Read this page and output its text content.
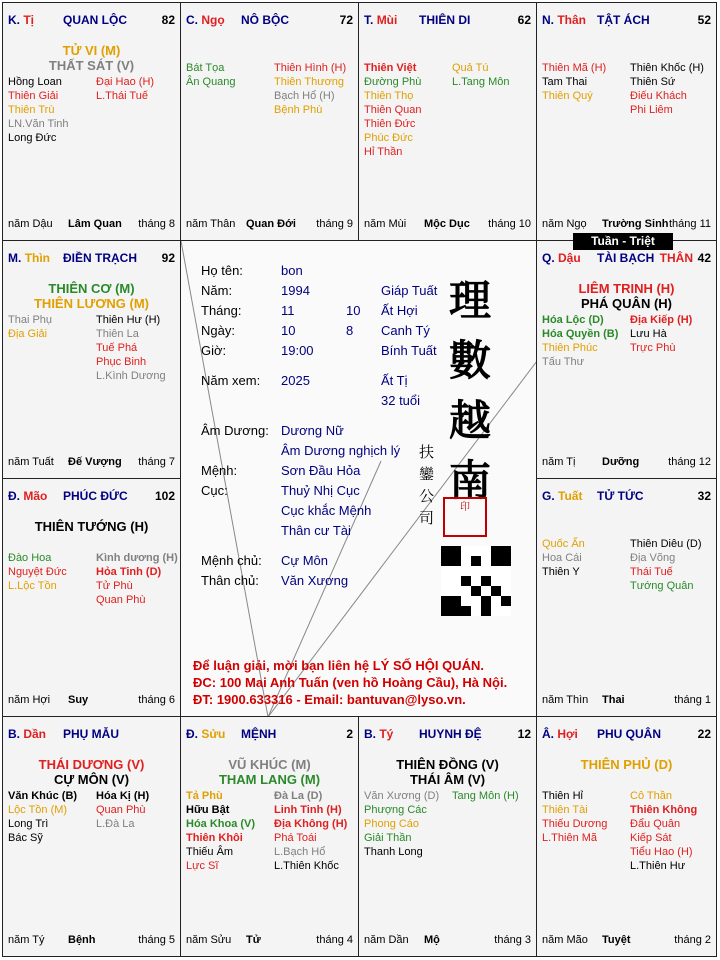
K. Tị QUAN LỘC	82
TỬ VI (M)
THẤT SÁT (V)
Hồng Loan
Thiên Giải
Thiên Trù
LN.Văn Tinh
Long Đức
Đại Hao (H)
L.Thái Tuế
năm Dậu Lâm Quan tháng 8
C. Ngọ NÔ BỘC	72
Bát Tọa
Ân Quang
Thiên Hình (H)
Thiên Thương
Bạch Hổ (H)
Bệnh Phù
năm Thân Quan Đới tháng 9
T. Mùi THIÊN DI	62
Thiên Việt
Đường Phù
Thiên Thọ
Thiên Quan
Thiên Đức
Phúc Đức
Hỉ Thần
Quả Tú
L.Tang Môn
năm Mùi Mộc Dục tháng 10
N. Thân TẬT ÁCH	52
Thiên Mã (H)
Tam Thai
Thiên Quý
Thiên Khốc (H)
Thiên Sứ
Điếu Khách
Phi Liêm
năm Ngọ Trường Sinh tháng 11
M. Thìn ĐIỀN TRẠCH 92
THIÊN CƠ (M)
THIÊN LƯƠNG (M)
Thai Phụ
Địa Giải
Thiên Hư (H)
Thiên La
Tuế Phá
Phục Binh
L.Kình Dương
năm Tuất Đế Vượng tháng 7
Q. Dậu TÀI BẠCH THÂN 42
LIÊM TRINH (H)
PHÁ QUÂN (H)
Hóa Lộc (D)
Hóa Quyền (B)
Thiên Phúc
Tấu Thư
Địa Kiếp (H)
Lưu Hà
Trực Phù
năm Tị Dưỡng	tháng 12
Đ. Mão PHÚC ĐỨC 102
THIÊN TƯỚNG (H)
Đào Hoa
Nguyệt Đức
L.Lộc Tồn
Kình dương (H)
Hỏa Tinh (D)
Tử Phù
Quan Phù
năm Hợi Suy	tháng 6
G. Tuất TỬ TỨC	32
Quốc Ấn
Hoa Cái
Thiên Y
Thiên Diêu (D)
Địa Võng
Thái Tuế
Tướng Quân
năm Thìn Thai	tháng 1
B. Dần PHỤ MẪU
THÁI DƯƠNG (V)
CỰ MÔN (V)
Văn Khúc (B)
Lộc Tồn (M)
Long Trì
Bác Sỹ
Hóa Kị (H)
Quan Phù
L.Đà La
năm Tý Bệnh	tháng 5
Đ. Sửu MỆNH	2
VŨ KHÚC (M)
THAM LANG (M)
Tả Phù
Hữu Bật
Hóa Khoa (V)
Thiên Khôi
Thiếu Âm
Lực Sĩ
Đà La (D)
Linh Tinh (H)
Địa Không (H)
Phá Toái
L.Bạch Hổ
L.Thiên Khốc
năm Sửu Tử	tháng 4
B. Tý HUYNH ĐỆ	12
THIÊN ĐỒNG (V)
THÁI ÂM (V)
Văn Xương (D)
Phượng Các
Phong Cáo
Giải Thần
Thanh Long
Tang Môn (H)
năm Dần Mộ	tháng 3
Â. Hợi PHU QUÂN	22
THIÊN PHỦ (D)
Thiên Hỉ
Thiên Tài
Thiếu Dương
L.Thiên Mã
Cô Thần
Thiên Không
Đẩu Quân
Kiếp Sát
Tiểu Hao (H)
L.Thiên Hư
năm Mão Tuyệt	tháng 2
Họ tên:	bon
Năm:	1994	Giáp Tuất
Tháng:	11	10 Ất Hợi
Ngày:	10	8 Canh Tý
Giờ:	19:00	Bính Tuất
Năm xem: 2025	Ất Tị
32 tuổi
Âm Dương: Dương Nữ
Âm Dương nghịch lý
Mệnh:	Sơn Đầu Hỏa
Cục:	Thuỷ Nhị Cục
Cục khắc Mệnh
Thân cư Tài
Mệnh chủ: Cự Môn
Thân chủ: Văn Xương
理
數
越
南
扶
鑾
公
司
印
Để luận giải, mời bạn liên hệ LÝ SỐ HỘI QUÁN.
ĐC: 100 Mai Anh Tuấn (ven hồ Hoàng Cầu), Hà Nội.
ĐT: 1900.633316 - Email: bantuvan@lyso.vn.
Tuần - Triệt
